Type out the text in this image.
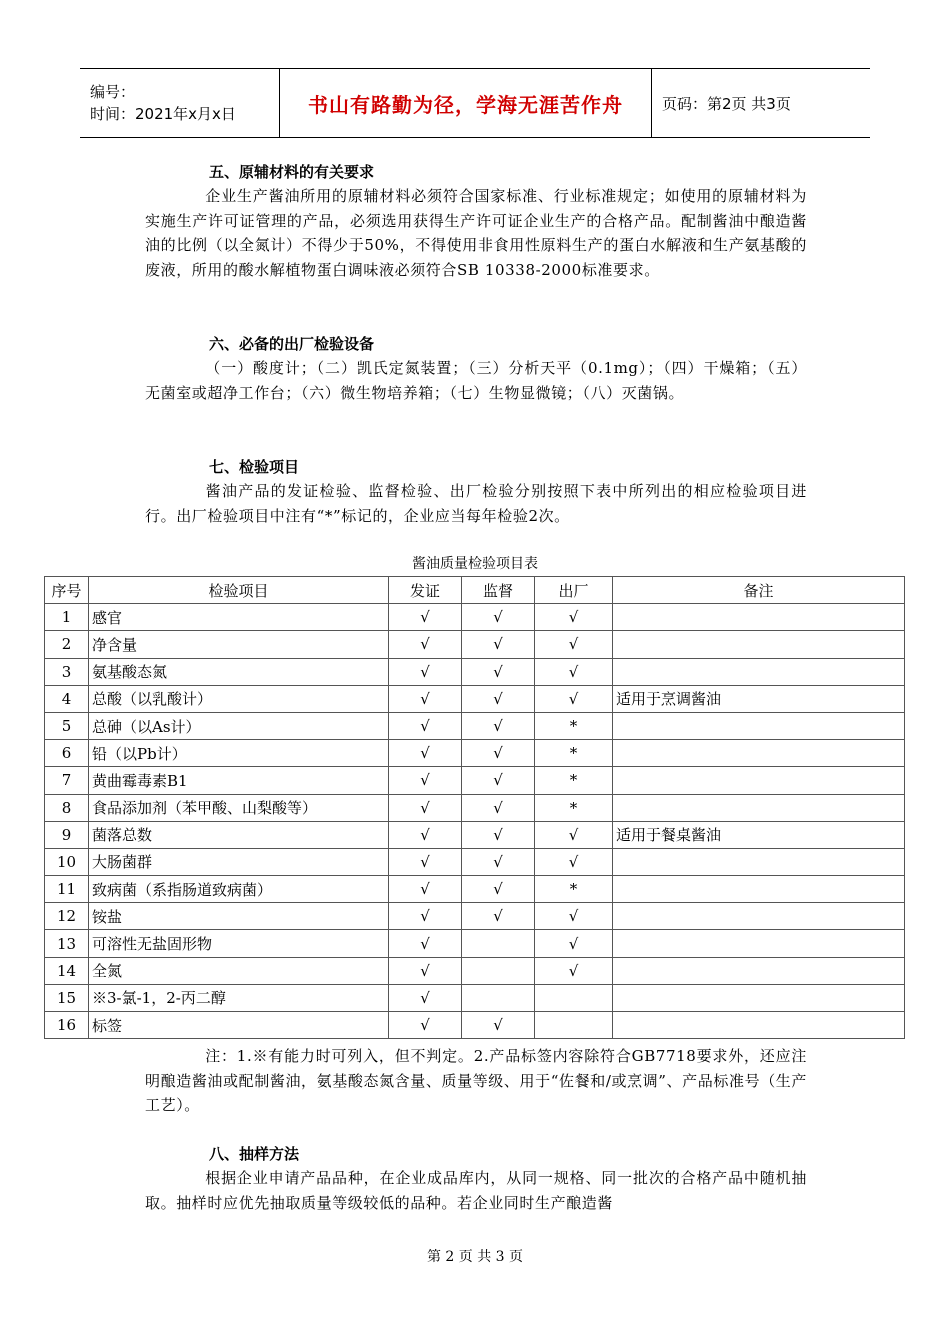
编号：
时间：2021年x月x日	书山有路勤为径，学海无涯苦作舟	页码：第2页 共3页
五、原辅材料的有关要求
企业生产酱油所用的原辅材料必须符合国家标准、行业标准规定；如使用的原辅材料为实施生产许可证管理的产品，必须选用获得生产许可证企业生产的合格产品。配制酱油中酿造酱油的比例（以全氮计）不得少于50%，不得使用非食用性原料生产的蛋白水解液和生产氨基酸的废液，所用的酸水解植物蛋白调味液必须符合SB 10338-2000标准要求。
六、必备的出厂检验设备
（一）酸度计；（二）凯氏定氮装置；（三）分析天平（0.1mg）；（四）干燥箱；（五）无菌室或超净工作台；（六）微生物培养箱；（七）生物显微镜；（八）灭菌锅。
七、检验项目
酱油产品的发证检验、监督检验、出厂检验分别按照下表中所列出的相应检验项目进行。出厂检验项目中注有“*”标记的，企业应当每年检验2次。
酱油质量检验项目表
序号	检验项目	发证	监督	出厂	备注
1	感官	√	√	√	
2	净含量	√	√	√	
3	氨基酸态氮	√	√	√	
4	总酸（以乳酸计）	√	√	√	适用于烹调酱油
5	总砷（以As计）	√	√	*	
6	铅（以Pb计）	√	√	*	
7	黄曲霉毒素B1	√	√	*	
8	食品添加剂（苯甲酸、山梨酸等）	√	√	*	
9	菌落总数	√	√	√	适用于餐桌酱油
10	大肠菌群	√	√	√	
11	致病菌（系指肠道致病菌）	√	√	*	
12	铵盐	√	√	√	
13	可溶性无盐固形物	√		√	
14	全氮	√		√	
15	※3-氯-1，2-丙二醇	√			
16	标签	√	√		
注：1.※有能力时可列入，但不判定。2.产品标签内容除符合GB7718要求外，还应注明酿造酱油或配制酱油，氨基酸态氮含量、质量等级、用于“佐餐和/或烹调”、产品标准号（生产工艺）。
八、抽样方法
根据企业申请产品品种，在企业成品库内，从同一规格、同一批次的合格产品中随机抽取。抽样时应优先抽取质量等级较低的品种。若企业同时生产酿造酱
第 2 页 共 3 页
